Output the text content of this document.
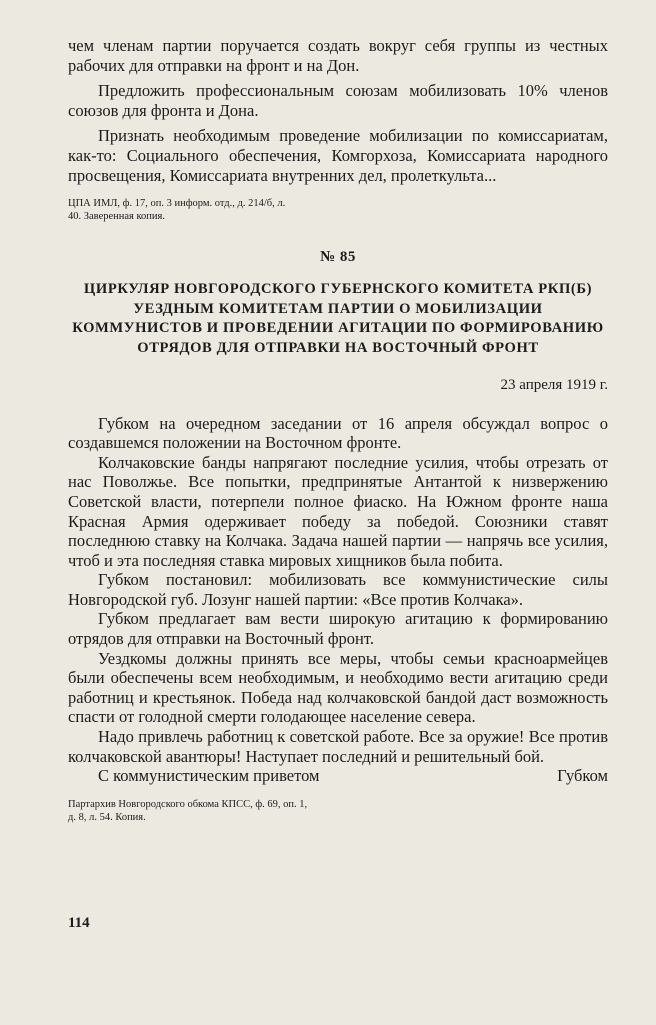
чем членам партии поручается создать вокруг себя группы из честных рабочих для отправки на фронт и на Дон.

Предложить профессиональным союзам мобилизовать 10% членов союзов для фронта и Дона.

Признать необходимым проведение мобилизации по комиссариатам, как-то: Социального обеспечения, Комгорхоза, Комиссариата народного просвещения, Комиссариата внутренних дел, пролеткульта...

ЦПА ИМЛ, ф. 17, оп. 3 информ. отд., д. 214/б, л. 40. Заверенная копия.
№ 85
ЦИРКУЛЯР НОВГОРОДСКОГО ГУБЕРНСКОГО КОМИТЕТА РКП(Б) УЕЗДНЫМ КОМИТЕТАМ ПАРТИИ О МОБИЛИЗАЦИИ КОММУНИСТОВ И ПРОВЕДЕНИИ АГИТАЦИИ ПО ФОРМИРОВАНИЮ ОТРЯДОВ ДЛЯ ОТПРАВКИ НА ВОСТОЧНЫЙ ФРОНТ
23 апреля 1919 г.

Губком на очередном заседании от 16 апреля обсуждал вопрос о создавшемся положении на Восточном фронте.

Колчаковские банды напрягают последние усилия, чтобы отрезать от нас Поволжье. Все попытки, предпринятые Антантой к низвержению Советской власти, потерпели полное фиаско. На Южном фронте наша Красная Армия одерживает победу за победой. Союзники ставят последнюю ставку на Колчака. Задача нашей партии — напрячь все усилия, чтоб и эта последняя ставка мировых хищников была побита.

Губком постановил: мобилизовать все коммунистические силы Новгородской губ. Лозунг нашей партии: «Все против Колчака».

Губком предлагает вам вести широкую агитацию к формированию отрядов для отправки на Восточный фронт.

Уездкомы должны принять все меры, чтобы семьи красноармейцев были обеспечены всем необходимым, и необходимо вести агитацию среди работниц и крестьянок. Победа над колчаковской бандой даст возможность спасти от голодной смерти голодающее население севера.

Надо привлечь работниц к советской работе. Все за оружие! Все против колчаковской авантюры! Наступает последний и решительный бой.

С коммунистическим приветом	Губком
Партархив Новгородского обкома КПСС, ф. 69, оп. 1, д. 8, л. 54. Копия.
114
